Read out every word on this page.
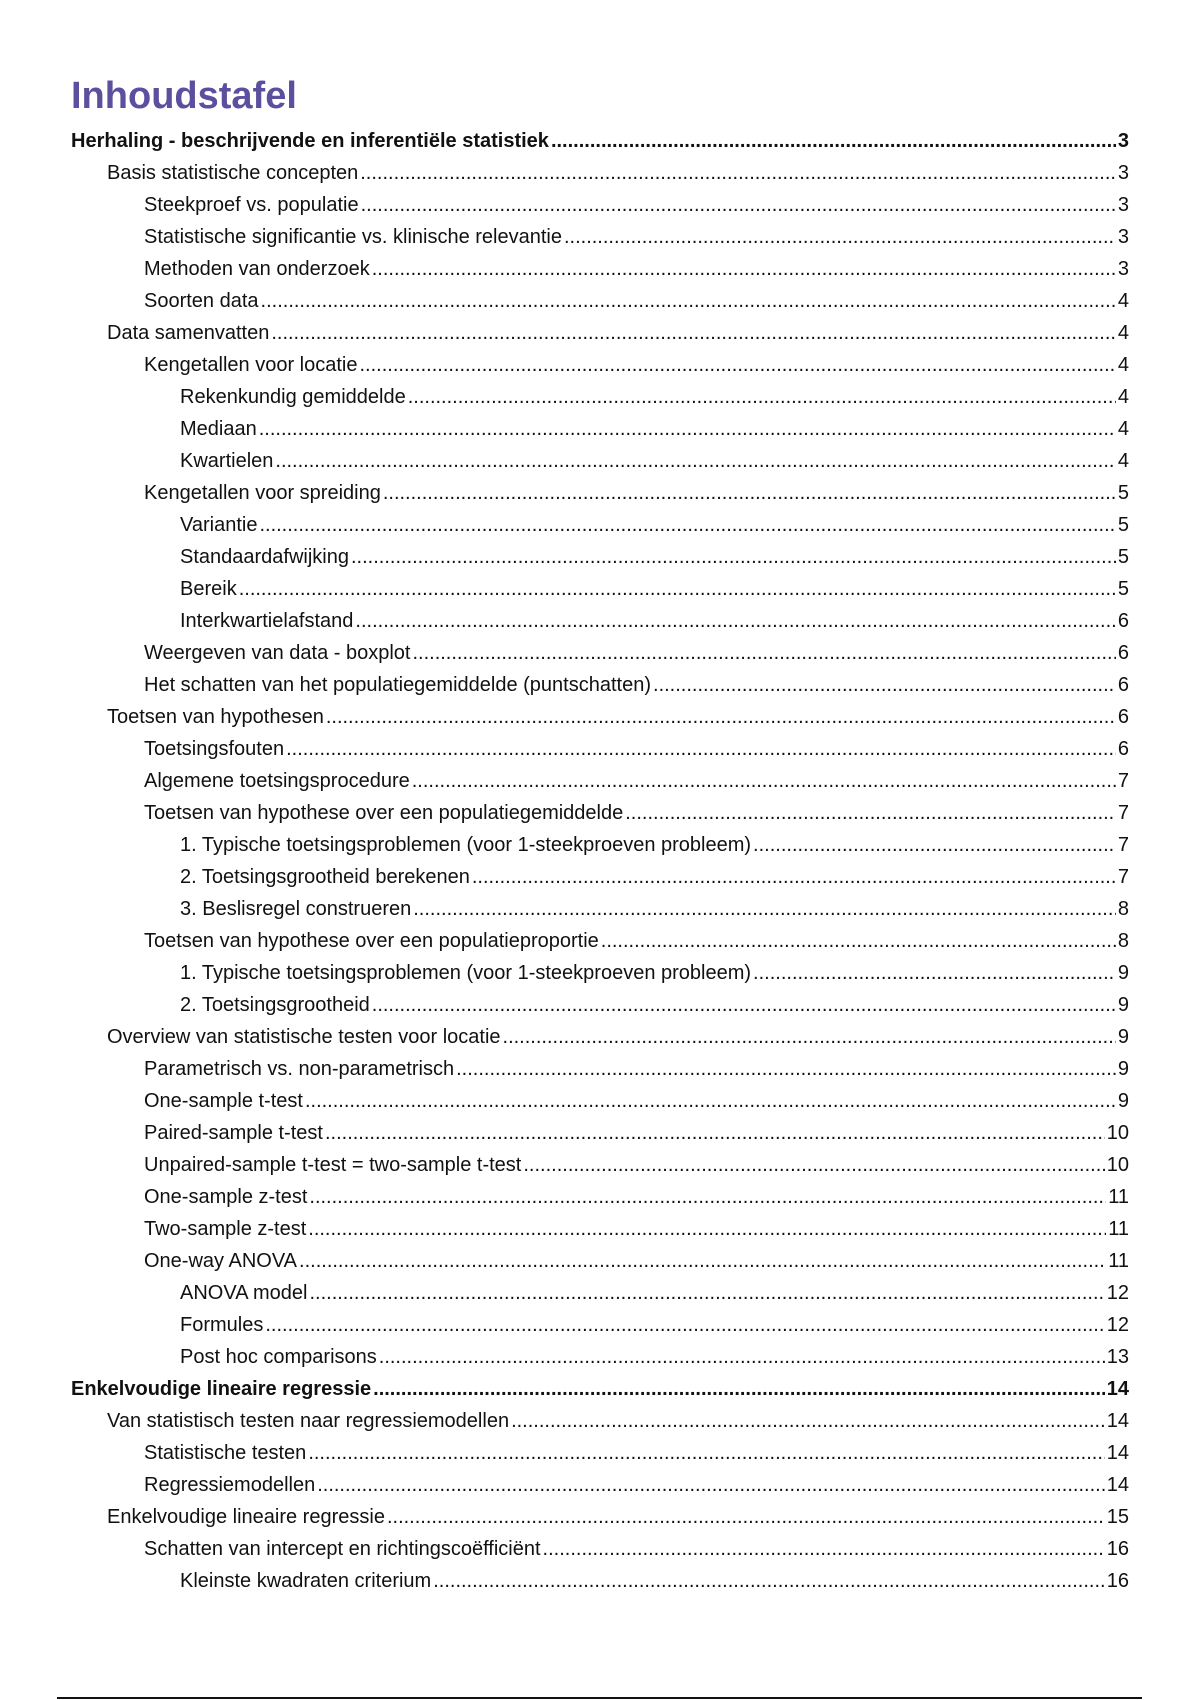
Inhoudstafel
Herhaling - beschrijvende en inferentiële statistiek .....	3
Basis statistische concepten .....	3
Steekproef vs. populatie .....	3
Statistische significantie vs. klinische relevantie .....	3
Methoden van onderzoek .....	3
Soorten data .....	4
Data samenvatten .....	4
Kengetallen voor locatie .....	4
Rekenkundig gemiddelde .....	4
Mediaan .....	4
Kwartielen .....	4
Kengetallen voor spreiding .....	5
Variantie .....	5
Standaardafwijking .....	5
Bereik .....	5
Interkwartielafstand .....	6
Weergeven van data - boxplot .....	6
Het schatten van het populatiegemiddelde (puntschatten) .....	6
Toetsen van hypothesen .....	6
Toetsingsfouten .....	6
Algemene toetsingsprocedure .....	7
Toetsen van hypothese over een populatiegemiddelde .....	7
1. Typische toetsingsproblemen (voor 1-steekproeven probleem) .....	7
2. Toetsingsgrootheid berekenen .....	7
3. Beslisregel construeren .....	8
Toetsen van hypothese over een populatieproportie .....	8
1. Typische toetsingsproblemen (voor 1-steekproeven probleem) .....	9
2. Toetsingsgrootheid .....	9
Overview van statistische testen voor locatie .....	9
Parametrisch vs. non-parametrisch .....	9
One-sample t-test .....	9
Paired-sample t-test .....	10
Unpaired-sample t-test = two-sample t-test .....	10
One-sample z-test .....	11
Two-sample z-test .....	11
One-way ANOVA .....	11
ANOVA model .....	12
Formules .....	12
Post hoc comparisons .....	13
Enkelvoudige lineaire regressie .....	14
Van statistisch testen naar regressiemodellen .....	14
Statistische testen .....	14
Regressiemodellen .....	14
Enkelvoudige lineaire regressie .....	15
Schatten van intercept en richtingscoëfficiënt .....	16
Kleinste kwadraten criterium .....	16
